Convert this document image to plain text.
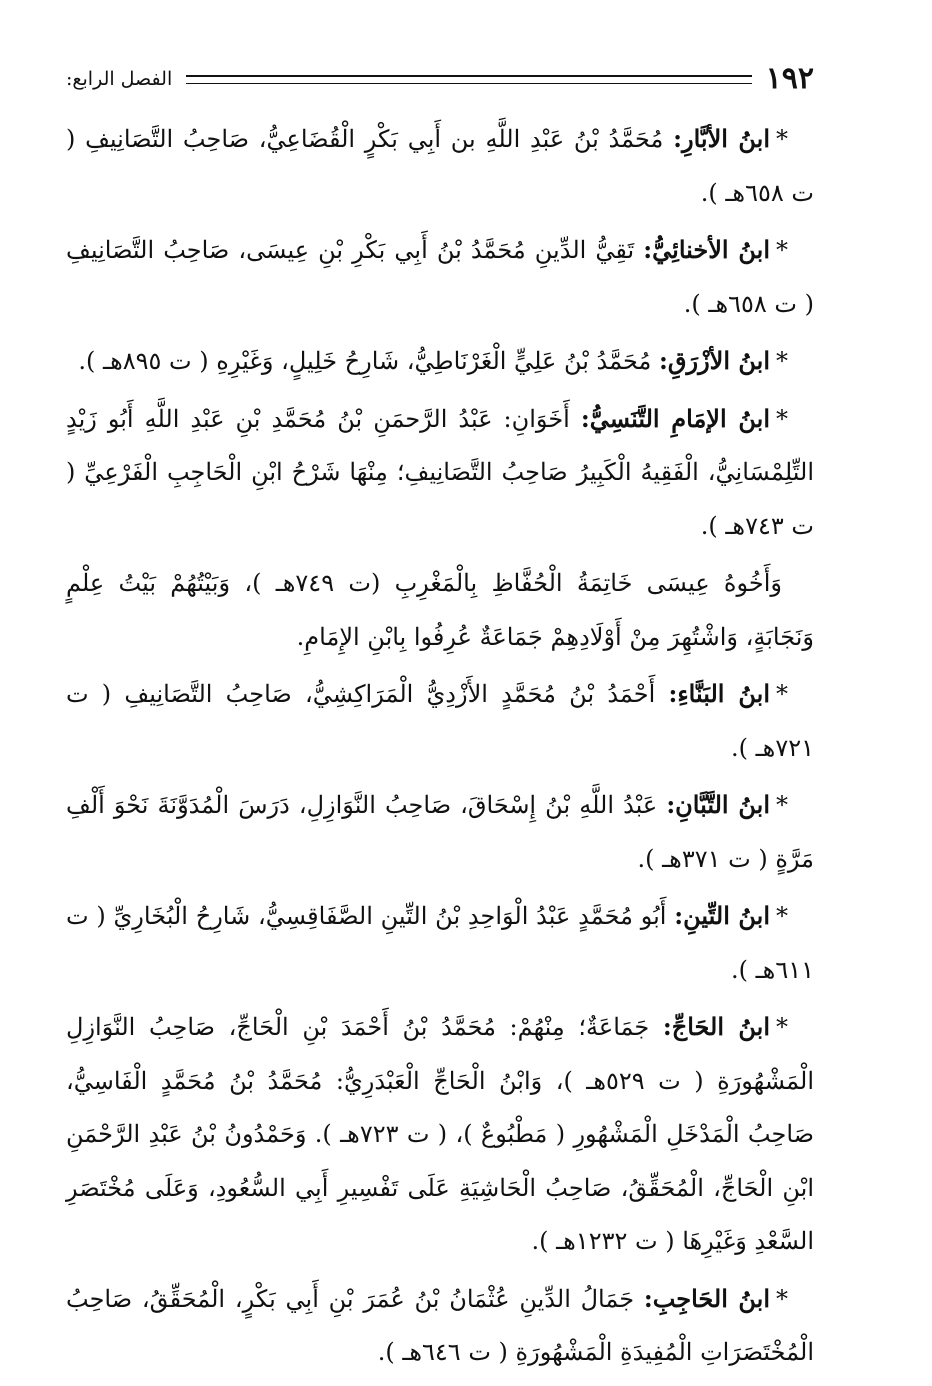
١٩٢
الفصل الرابع:

*ابنُ الأبَّارِ: مُحَمَّدُ بْنُ عَبْدِ اللَّهِ بن أَبِي بَكْرٍ الْقُضَاعِيُّ، صَاحِبُ التَّصَانِيفِ ( ت ٦٥٨هـ ).

*ابنُ الأخنائِيُّ: تَقِيُّ الدِّينِ مُحَمَّدُ بْنُ أَبِي بَكْرِ بْنِ عِيسَى، صَاحِبُ التَّصَانِيفِ ( ت ٦٥٨هـ ).

*ابنُ الأزْرَقِ: مُحَمَّدُ بْنُ عَلِيٍّ الْغَرْنَاطِيُّ، شَارِحُ خَلِيلٍ، وَغَيْرِهِ ( ت ٨٩٥هـ ).

*ابنُ الإمَامِ التَّنَسِيُّ: أَخَوَانِ: عَبْدُ الرَّحمَنِ بْنُ مُحَمَّدِ بْنِ عَبْدِ اللَّهِ أَبُو زَيْدٍ التِّلِمْسَانِيُّ، الْفَقِيهُ الْكَبِيرُ صَاحِبُ التَّصَانِيفِ؛ مِنْهَا شَرْحُ ابْنِ الْحَاجِبِ الْفَرْعِيِّ ( ت ٧٤٣هـ ).

وَأَخُوهُ عِيسَى خَاتِمَةُ الْحُفَّاظِ بِالْمَغْرِبِ (ت ٧٤٩هـ )، وَبَيْتُهُمْ بَيْتُ عِلْمٍ وَنَجَابَةٍ، وَاشْتُهِرَ مِنْ أَوْلَادِهِمْ جَمَاعَةٌ عُرِفُوا بِابْنِ الإِمَامِ.

*ابنُ البَنَّاءِ: أَحْمَدُ بْنُ مُحَمَّدٍ الأَزْدِيُّ الْمَرَاكِشِيُّ، صَاحِبُ التَّصَانِيفِ ( ت ٧٢١هـ ).

*ابنُ التَّبَّانِ: عَبْدُ اللَّهِ بْنُ إِسْحَاقَ، صَاحِبُ النَّوَازِلِ، دَرَسَ الْمُدَوَّنَةَ نَحْوَ أَلْفِ مَرَّةٍ ( ت ٣٧١هـ ).

*ابنُ التِّينِ: أَبُو مُحَمَّدٍ عَبْدُ الْوَاحِدِ بْنُ التِّينِ الصَّفَاقِسِيُّ، شَارِحُ الْبُخَارِيِّ ( ت ٦١١هـ ).

*ابنُ الحَاجِّ: جَمَاعَةٌ؛ مِنْهُمْ: مُحَمَّدُ بْنُ أَحْمَدَ بْنِ الْحَاجِّ، صَاحِبُ النَّوَازِلِ الْمَشْهُورَةِ ( ت ٥٢٩هـ )، وَابْنُ الْحَاجِّ الْعَبْدَرِيُّ: مُحَمَّدُ بْنُ مُحَمَّدٍ الْفَاسِيُّ، صَاحِبُ الْمَدْخَلِ الْمَشْهُورِ ( مَطْبُوعٌ )، ( ت ٧٢٣هـ ). وَحَمْدُونُ بْنُ عَبْدِ الرَّحْمَنِ ابْنِ الْحَاجِّ، الْمُحَقِّقُ، صَاحِبُ الْحَاشِيَةِ عَلَى تَفْسِيرِ أَبِي السُّعُودِ، وَعَلَى مُخْتَصَرِ السَّعْدِ وَغَيْرِهَا ( ت ١٢٣٢هـ ).

*ابنُ الحَاجِبِ: جَمَالُ الدِّينِ عُثْمَانُ بْنُ عُمَرَ بْنِ أَبِي بَكْرٍ، الْمُحَقِّقُ، صَاحِبُ الْمُخْتَصَرَاتِ الْمُفِيدَةِ الْمَشْهُورَةِ ( ت ٦٤٦هـ ).
